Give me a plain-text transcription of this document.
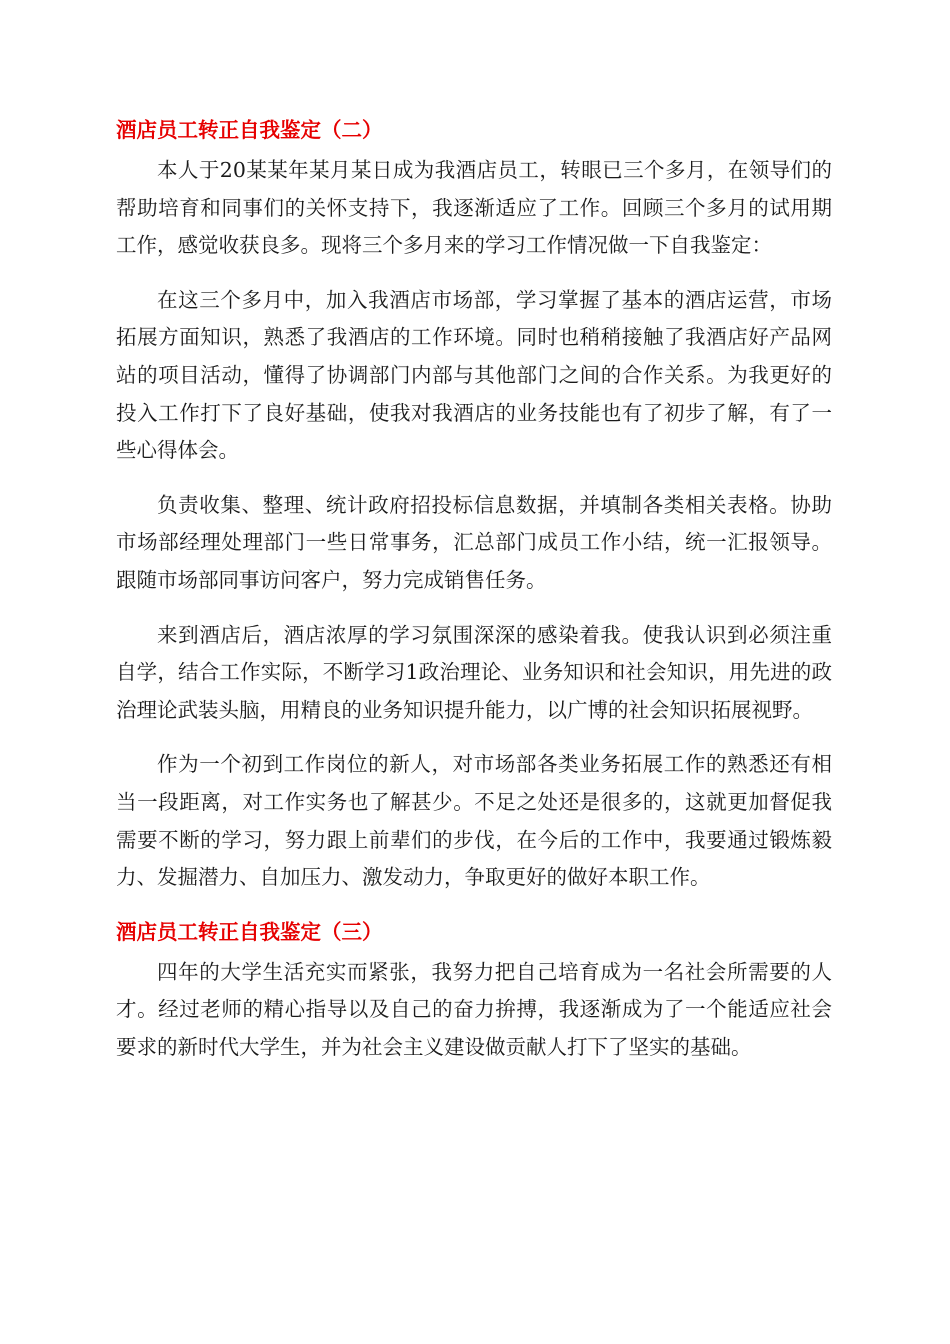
酒店员工转正自我鉴定（二）

本人于20某某年某月某日成为我酒店员工，转眼已三个多月，在领导们的帮助培育和同事们的关怀支持下，我逐渐适应了工作。回顾三个多月的试用期工作，感觉收获良多。现将三个多月来的学习工作情况做一下自我鉴定：

在这三个多月中，加入我酒店市场部，学习掌握了基本的酒店运营，市场拓展方面知识，熟悉了我酒店的工作环境。同时也稍稍接触了我酒店好产品网站的项目活动，懂得了协调部门内部与其他部门之间的合作关系。为我更好的投入工作打下了良好基础，使我对我酒店的业务技能也有了初步了解，有了一些心得体会。

负责收集、整理、统计政府招投标信息数据，并填制各类相关表格。协助市场部经理处理部门一些日常事务，汇总部门成员工作小结，统一汇报领导。跟随市场部同事访问客户，努力完成销售任务。

来到酒店后，酒店浓厚的学习氛围深深的感染着我。使我认识到必须注重自学，结合工作实际，不断学习1政治理论、业务知识和社会知识，用先进的政治理论武装头脑，用精良的业务知识提升能力，以广博的社会知识拓展视野。

作为一个初到工作岗位的新人，对市场部各类业务拓展工作的熟悉还有相当一段距离，对工作实务也了解甚少。不足之处还是很多的，这就更加督促我需要不断的学习，努力跟上前辈们的步伐，在今后的工作中，我要通过锻炼毅力、发掘潜力、自加压力、激发动力，争取更好的做好本职工作。

酒店员工转正自我鉴定（三）

四年的大学生活充实而紧张，我努力把自己培育成为一名社会所需要的人才。经过老师的精心指导以及自己的奋力拚搏，我逐渐成为了一个能适应社会要求的新时代大学生，并为社会主义建设做贡献人打下了坚实的基础。
